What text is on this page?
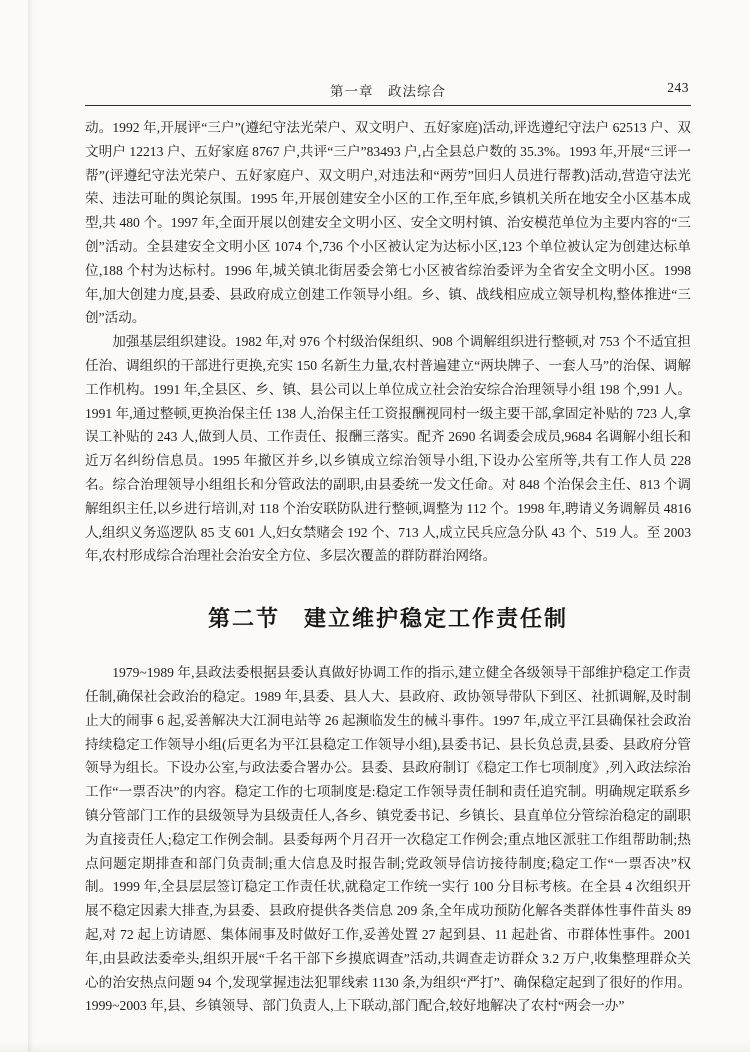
第一章　政法综合	243

动。1992 年,开展评“三户”(遵纪守法光荣户、双文明户、五好家庭)活动,评选遵纪守法户 62513 户、双文明户 12213 户、五好家庭 8767 户,共评“三户”83493 户,占全县总户数的 35.3%。1993 年,开展“三评一帮”(评遵纪守法光荣户、五好家庭户、双文明户,对违法和“两劳”回归人员进行帮教)活动,营造守法光荣、违法可耻的舆论氛围。1995 年,开展创建安全小区的工作,至年底,乡镇机关所在地安全小区基本成型,共 480 个。1997 年,全面开展以创建安全文明小区、安全文明村镇、治安模范单位为主要内容的“三创”活动。全县建安全文明小区 1074 个,736 个小区被认定为达标小区,123 个单位被认定为创建达标单位,188 个村为达标村。1996 年,城关镇北街居委会第七小区被省综治委评为全省安全文明小区。1998 年,加大创建力度,县委、县政府成立创建工作领导小组。乡、镇、战线相应成立领导机构,整体推进“三创”活动。

加强基层组织建设。1982 年,对 976 个村级治保组织、908 个调解组织进行整顿,对 753 个不适宜担任治、调组织的干部进行更换,充实 150 名新生力量,农村普遍建立“两块牌子、一套人马”的治保、调解工作机构。1991 年,全县区、乡、镇、县公司以上单位成立社会治安综合治理领导小组 198 个,991 人。1991 年,通过整顿,更换治保主任 138 人,治保主任工资报酬视同村一级主要干部,拿固定补贴的 723 人,拿误工补贴的 243 人,做到人员、工作责任、报酬三落实。配齐 2690 名调委会成员,9684 名调解小组长和近万名纠纷信息员。1995 年撤区并乡,以乡镇成立综治领导小组,下设办公室所等,共有工作人员 228 名。综合治理领导小组组长和分管政法的副职,由县委统一发文任命。对 848 个治保会主任、813 个调解组织主任,以乡进行培训,对 118 个治安联防队进行整顿,调整为 112 个。1998 年,聘请义务调解员 4816 人,组织义务巡逻队 85 支 601 人,妇女禁赌会 192 个、713 人,成立民兵应急分队 43 个、519 人。至 2003 年,农村形成综合治理社会治安全方位、多层次覆盖的群防群治网络。

第二节　建立维护稳定工作责任制

1979~1989 年,县政法委根据县委认真做好协调工作的指示,建立健全各级领导干部维护稳定工作责任制,确保社会政治的稳定。1989 年,县委、县人大、县政府、政协领导带队下到区、社抓调解,及时制止大的闹事 6 起,妥善解决大江洞电站等 26 起濒临发生的械斗事件。1997 年,成立平江县确保社会政治持续稳定工作领导小组(后更名为平江县稳定工作领导小组),县委书记、县长负总责,县委、县政府分管领导为组长。下设办公室,与政法委合署办公。县委、县政府制订《稳定工作七项制度》,列入政法综治工作“一票否决”的内容。稳定工作的七项制度是:稳定工作领导责任制和责任追究制。明确规定联系乡镇分管部门工作的县级领导为县级责任人,各乡、镇党委书记、乡镇长、县直单位分管综治稳定的副职为直接责任人;稳定工作例会制。县委每两个月召开一次稳定工作例会;重点地区派驻工作组帮助制;热点问题定期排查和部门负责制;重大信息及时报告制;党政领导信访接待制度;稳定工作“一票否决”权制。1999 年,全县层层签订稳定工作责任状,就稳定工作统一实行 100 分目标考核。在全县 4 次组织开展不稳定因素大排查,为县委、县政府提供各类信息 209 条,全年成功预防化解各类群体性事件苗头 89 起,对 72 起上访请愿、集体闹事及时做好工作,妥善处置 27 起到县、11 起赴省、市群体性事件。2001 年,由县政法委牵头,组织开展“千名干部下乡摸底调查”活动,共调查走访群众 3.2 万户,收集整理群众关心的治安热点问题 94 个,发现掌握违法犯罪线索 1130 条,为组织“严打”、确保稳定起到了很好的作用。1999~2003 年,县、乡镇领导、部门负责人,上下联动,部门配合,较好地解决了农村“两会一办”
